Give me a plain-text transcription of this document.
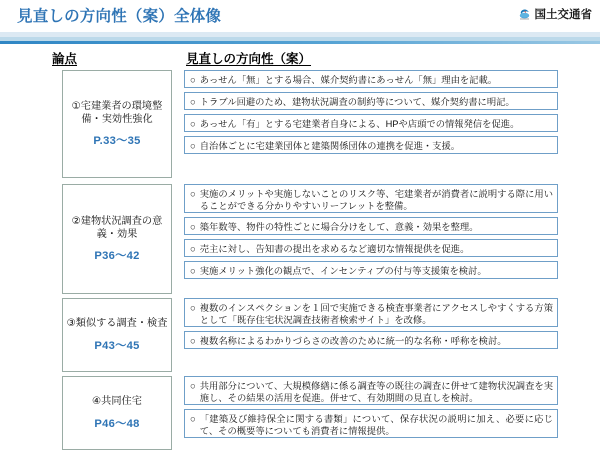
見直しの方向性（案）全体像	国土交通省
論点	見直しの方向性（案）
①宅建業者の環境整備・実効性強化
P.33～35
○ あっせん「無」とする場合、媒介契約書にあっせん「無」理由を記載。
○ トラブル回避のため、建物状況調査の制約等について、媒介契約書に明記。
○ あっせん「有」とする宅建業者自身による、HPや店頭での情報発信を促進。
○ 自治体ごとに宅建業団体と建築関係団体の連携を促進・支援。
②建物状況調査の意義・効果
P36～42
○ 実施のメリットや実施しないことのリスク等、宅建業者が消費者に説明する際に用いることができる分かりやすいリーフレットを整備。
○ 築年数等、物件の特性ごとに場合分けをして、意義・効果を整理。
○ 売主に対し、告知書の提出を求めるなど適切な情報提供を促進。
○ 実施メリット強化の観点で、インセンティブの付与等支援策を検討。
③類似する調査・検査
P43～45
○ 複数のインスペクションを１回で実施できる検査事業者にアクセスしやすくする方策として「既存住宅状況調査技術者検索サイト」を改修。
○ 複数名称によるわかりづらさの改善のために統一的な名称・呼称を検討。
④共同住宅
P46～48
○ 共用部分について、大規模修繕に係る調査等の既往の調査に併せて建物状況調査を実施し、その結果の活用を促進。併せて、有効期間の見直しを検討。
○ 「建築及び維持保全に関する書類」について、保存状況の説明に加え、必要に応じて、その概要等についても消費者に情報提供。
